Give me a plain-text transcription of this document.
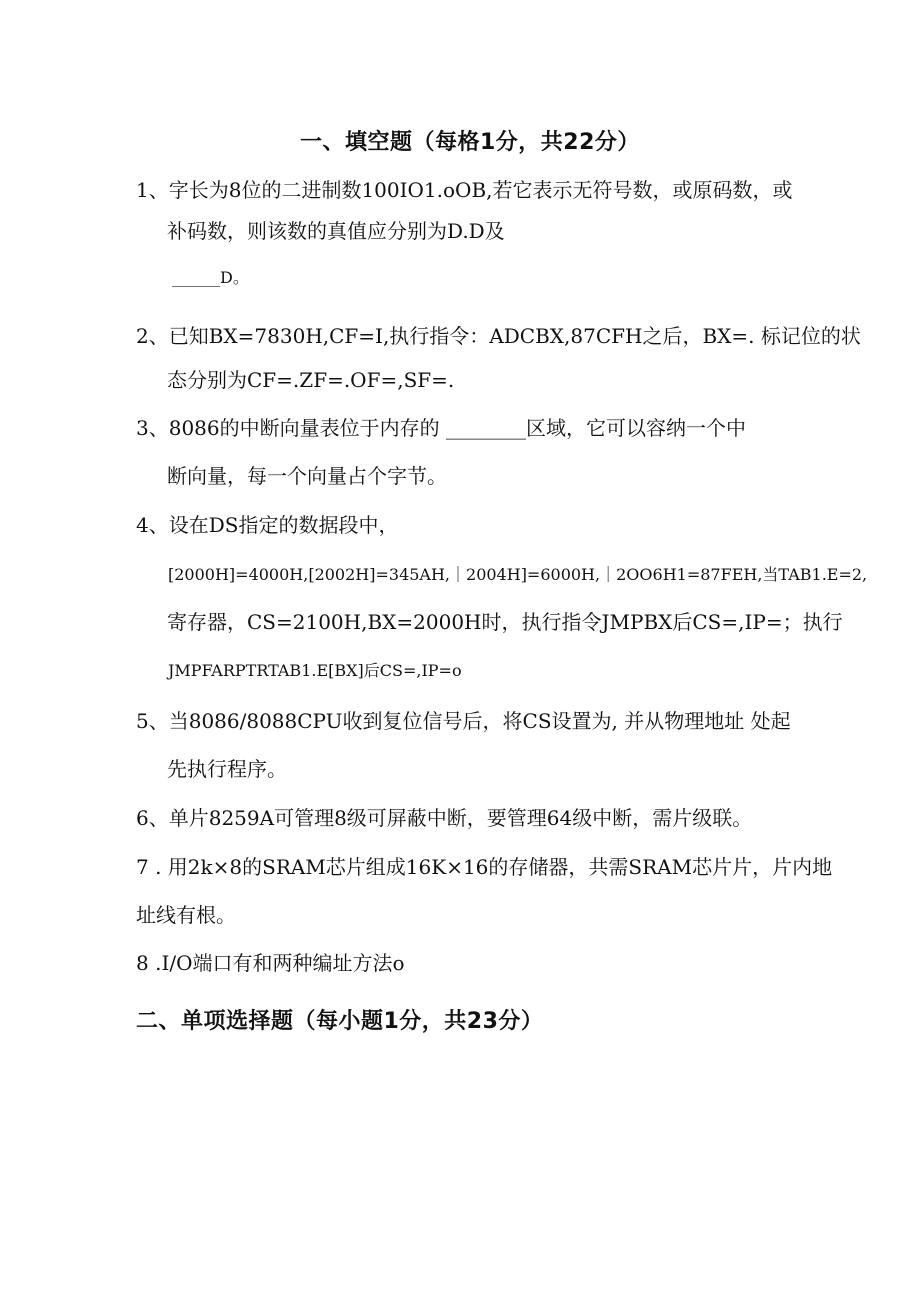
一、填空题（每格1分，共22分）
1、字长为8位的二进制数100IO1.oOB,若它表示无符号数，或原码数，或
补码数，则该数的真值应分别为D.D及
______D。
2、已知BX=7830H,CF=I,执行指令：ADCBX,87CFH之后，BX=. 标记位的状
态分别为CF=.ZF=.OF=,SF=.
3、8086的中断向量表位于内存的 ________区域，它可以容纳一个中
断向量，每一个向量占个字节。
4、设在DS指定的数据段中，
[2000H]=4000H,[2002H]=345AH,｜2004H]=6000H,｜2OO6H1=87FEH,当TAB1.E=2,
寄存器，CS=2100H,BX=2000H时，执行指令JMPBX后CS=,IP=；执行
JMPFARPTRTAB1.E[BX]后CS=,IP=o
5、当8086/8088CPU收到复位信号后，将CS设置为, 并从物理地址 处起
先执行程序。
6、单片8259A可管理8级可屏蔽中断，要管理64级中断，需片级联。
7 . 用2k×8的SRAM芯片组成16K×16的存储器，共需SRAM芯片片，片内地
址线有根。
8 .I/O端口有和两种编址方法o
二、单项选择题（每小题1分，共23分）
